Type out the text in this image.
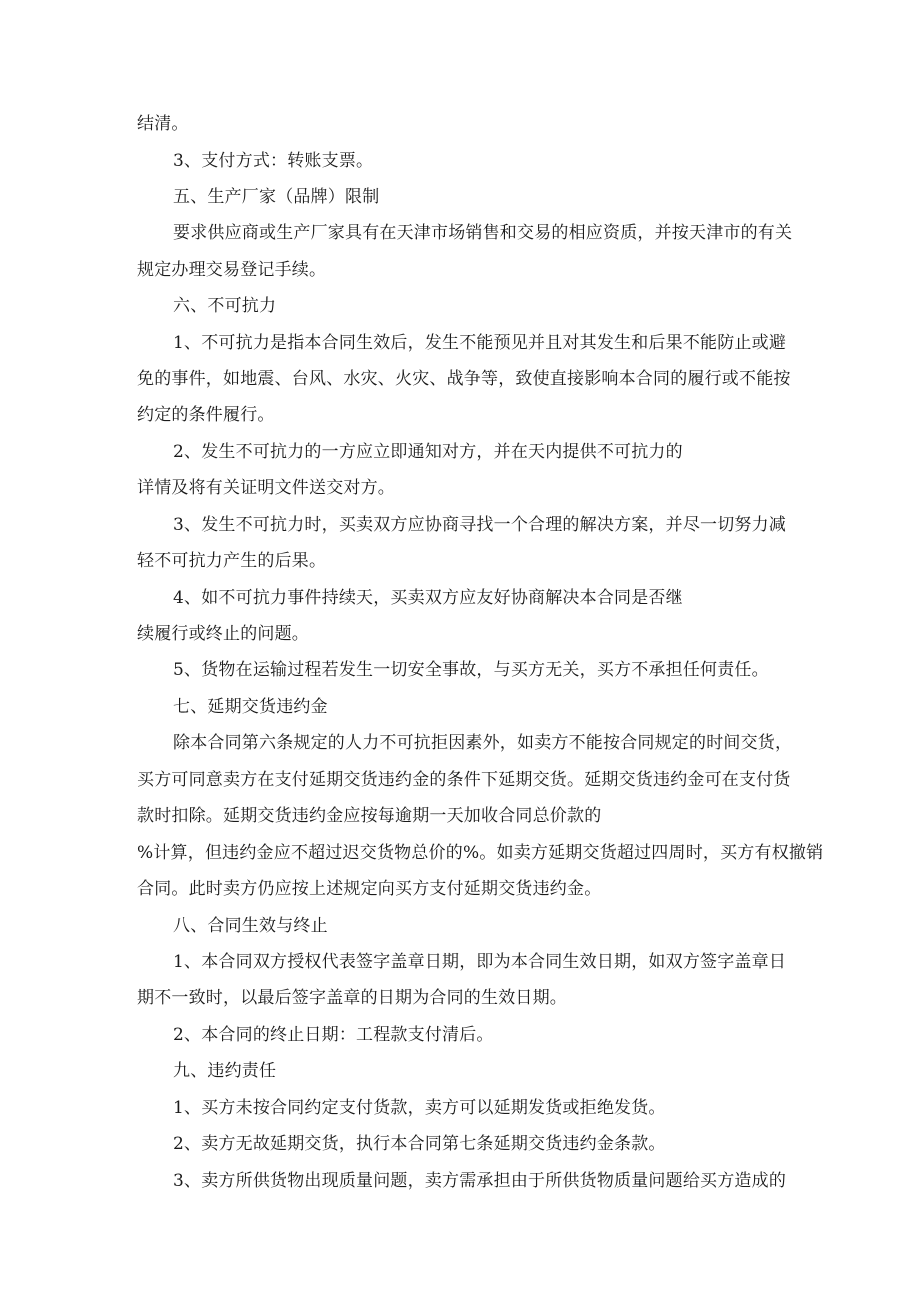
结清。
3、支付方式：转账支票。
五、生产厂家（品牌）限制
要求供应商或生产厂家具有在天津市场销售和交易的相应资质，并按天津市的有关
规定办理交易登记手续。
六、不可抗力
1、不可抗力是指本合同生效后，发生不能预见并且对其发生和后果不能防止或避
免的事件，如地震、台风、水灾、火灾、战争等，致使直接影响本合同的履行或不能按
约定的条件履行。
2、发生不可抗力的一方应立即通知对方，并在天内提供不可抗力的
详情及将有关证明文件送交对方。
3、发生不可抗力时，买卖双方应协商寻找一个合理的解决方案，并尽一切努力减
轻不可抗力产生的后果。
4、如不可抗力事件持续天，买卖双方应友好协商解决本合同是否继
续履行或终止的问题。
5、货物在运输过程若发生一切安全事故，与买方无关，买方不承担任何责任。
七、延期交货违约金
除本合同第六条规定的人力不可抗拒因素外，如卖方不能按合同规定的时间交货，
买方可同意卖方在支付延期交货违约金的条件下延期交货。延期交货违约金可在支付货
款时扣除。延期交货违约金应按每逾期一天加收合同总价款的
%计算，但违约金应不超过迟交货物总价的%。如卖方延期交货超过四周时，买方有权撤销
合同。此时卖方仍应按上述规定向买方支付延期交货违约金。
八、合同生效与终止
1、本合同双方授权代表签字盖章日期，即为本合同生效日期，如双方签字盖章日
期不一致时，以最后签字盖章的日期为合同的生效日期。
2、本合同的终止日期：工程款支付清后。
九、违约责任
1、买方未按合同约定支付货款，卖方可以延期发货或拒绝发货。
2、卖方无故延期交货，执行本合同第七条延期交货违约金条款。
3、卖方所供货物出现质量问题，卖方需承担由于所供货物质量问题给买方造成的
